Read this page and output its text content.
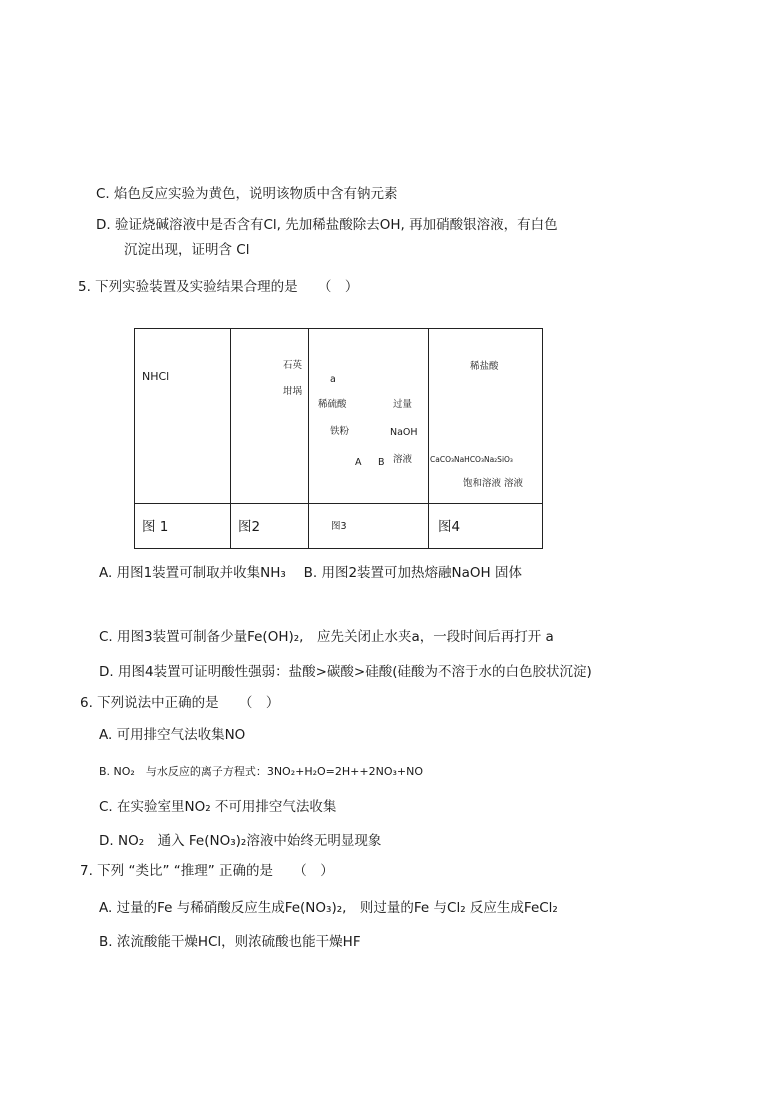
C. 焰色反应实验为黄色，说明该物质中含有钠元素
D. 验证烧碱溶液中是否含有Cl, 先加稀盐酸除去OH, 再加硝酸银溶液，有白色
沉淀出现，证明含 Cl
5. 下列实验装置及实验结果合理的是　　（　）
NHCl
图 1
石英
坩埚
图2
a
稀硫酸
铁粉
过量
NaOH
A B 溶液
图3
稀盐酸
CaCO₃NaHCO₃Na₂SiO₃
饱和溶液 溶液
图4
A. 用图1装置可制取并收集NH₃　 B. 用图2装置可加热熔融NaOH 固体
C. 用图3装置可制备少量Fe(OH)₂,　应先关闭止水夹a，一段时间后再打开 a
D. 用图4装置可证明酸性强弱：盐酸>碳酸>硅酸(硅酸为不溶于水的白色胶状沉淀)
6. 下列说法中正确的是　　（　）
A. 可用排空气法收集NO
B. NO₂　与水反应的离子方程式：3NO₂+H₂O=2H++2NO₃+NO
C. 在实验室里NO₂ 不可用排空气法收集
D. NO₂　通入 Fe(NO₃)₂溶液中始终无明显现象
7. 下列 “类比” “推理” 正确的是　　（　）
A. 过量的Fe 与稀硝酸反应生成Fe(NO₃)₂,　则过量的Fe 与Cl₂ 反应生成FeCl₂
B. 浓流酸能干燥HCl，则浓硫酸也能干燥HF
